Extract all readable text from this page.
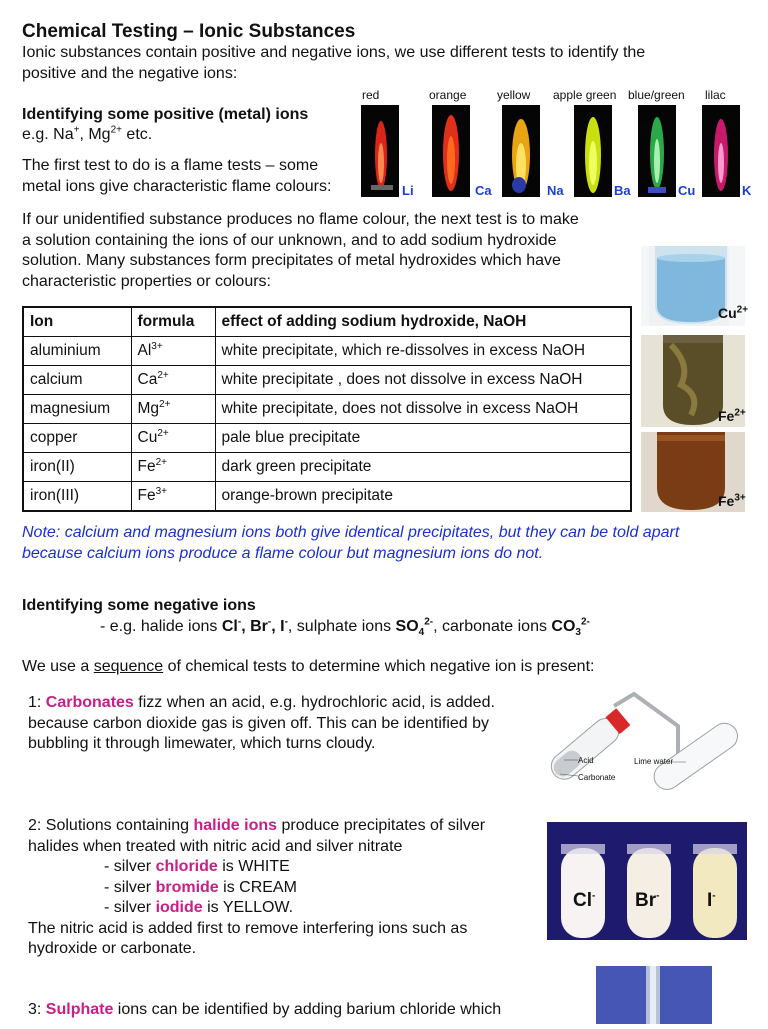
Chemical Testing – Ionic Substances
Ionic substances contain positive and negative ions, we use different tests to identify the
positive and the negative ions:
Identifying some positive (metal) ions
e.g. Na+, $Mg^{2+}$ etc.
The first test to do is a flame tests – some
metal ions give characteristic flame colours:
red	orange	yellow apple green blue/green lilac
Li	Ca	Na	Ba	Cu	K
If our unidentified substance produces no flame colour, the next test is to make
a solution containing the ions of our unknown, and to add sodium hydroxide
solution. Many substances form precipitates of metal hydroxides which have
characteristic properties or colours:
Ion	formula	effect of adding sodium hydroxide, NaOH
aluminium	$Al^{3+}$	white precipitate, which re-dissolves in excess NaOH
calcium	$Ca^{2+}$	white precipitate , does not dissolve in excess NaOH
magnesium	$Mg^{2+}$	white precipitate, does not dissolve in excess NaOH
copper	$Cu^{2+}$	pale blue precipitate
iron(II)	$Fe^{2+}$	dark green precipitate
iron(III)	$Fe^{3+}$	orange-brown precipitate
$Cu^{2+}$
$Fe^{2+}$
$Fe^{3+}$
Note: calcium and magnesium ions both give identical precipitates, but they can be told apart
because calcium ions produce a flame colour but magnesium ions do not.
Identifying some negative ions
- e.g. halide ions Cl-, Br-, I-, sulphate ions $SO_4^{2-}$, carbonate ions $CO_3^{2-}$
We use a sequence of chemical tests to determine which negative ion is present:
1: Carbonates fizz when an acid, e.g. hydrochloric acid, is added.
because carbon dioxide gas is given off. This can be identified by
bubbling it through limewater, which turns cloudy.
Acid
Carbonate
Lime water
2: Solutions containing halide ions produce precipitates of silver
halides when treated with nitric acid and silver nitrate
- silver chloride is WHITE
- silver bromide is CREAM
- silver iodide is YELLOW.
The nitric acid is added first to remove interfering ions such as
hydroxide or carbonate.
Cl- Br-	I-
3: Sulphate ions can be identified by adding barium chloride which
